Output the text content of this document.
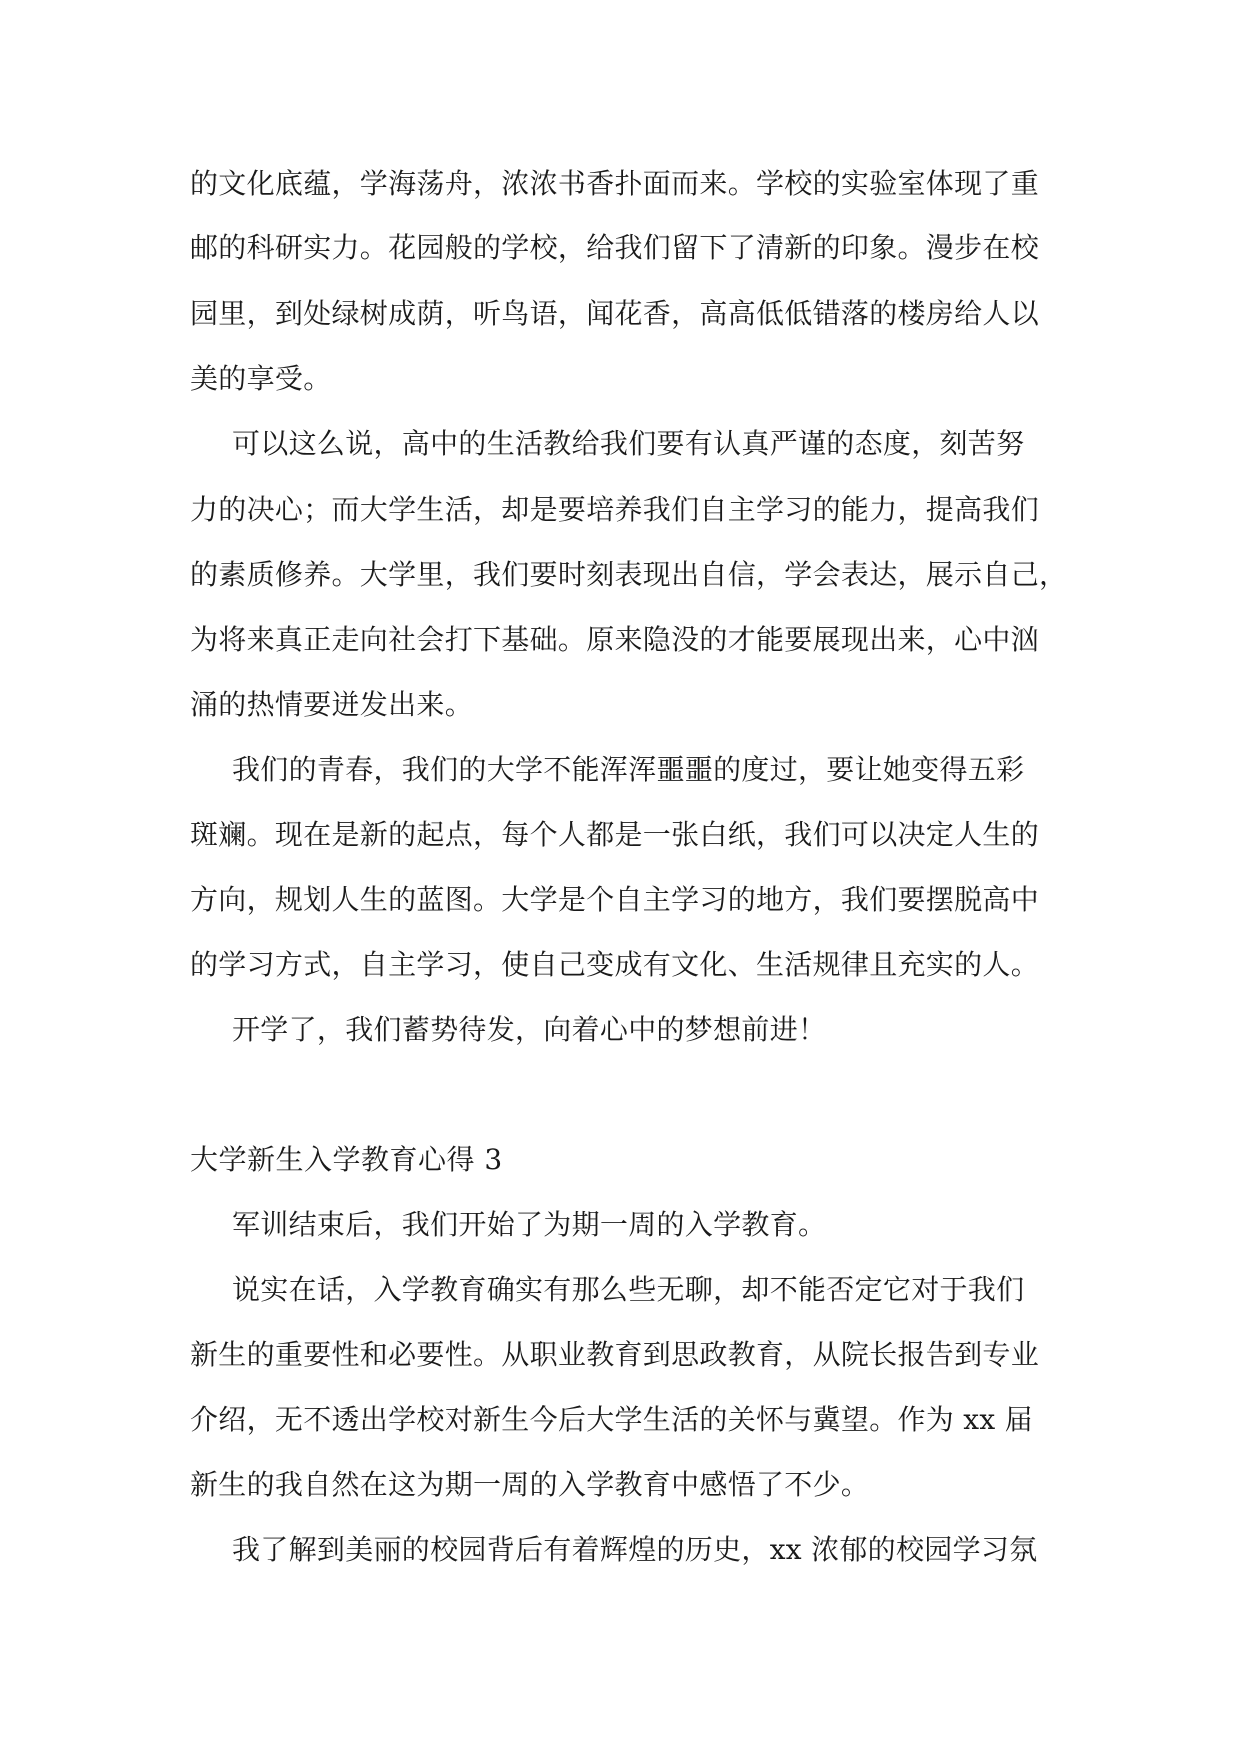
的文化底蕴，学海荡舟，浓浓书香扑面而来。学校的实验室体现了重
邮的科研实力。花园般的学校，给我们留下了清新的印象。漫步在校
园里，到处绿树成荫，听鸟语，闻花香，高高低低错落的楼房给人以
美的享受。
可以这么说，高中的生活教给我们要有认真严谨的态度，刻苦努
力的决心；而大学生活，却是要培养我们自主学习的能力，提高我们
的素质修养。大学里，我们要时刻表现出自信，学会表达，展示自己，
为将来真正走向社会打下基础。原来隐没的才能要展现出来，心中汹
涌的热情要迸发出来。
我们的青春，我们的大学不能浑浑噩噩的度过，要让她变得五彩
斑斓。现在是新的起点，每个人都是一张白纸，我们可以决定人生的
方向，规划人生的蓝图。大学是个自主学习的地方，我们要摆脱高中
的学习方式，自主学习，使自己变成有文化、生活规律且充实的人。
开学了，我们蓄势待发，向着心中的梦想前进！
大学新生入学教育心得 3
军训结束后，我们开始了为期一周的入学教育。
说实在话，入学教育确实有那么些无聊，却不能否定它对于我们
新生的重要性和必要性。从职业教育到思政教育，从院长报告到专业
介绍，无不透出学校对新生今后大学生活的关怀与冀望。作为 xx 届
新生的我自然在这为期一周的入学教育中感悟了不少。
我了解到美丽的校园背后有着辉煌的历史，xx 浓郁的校园学习氛
